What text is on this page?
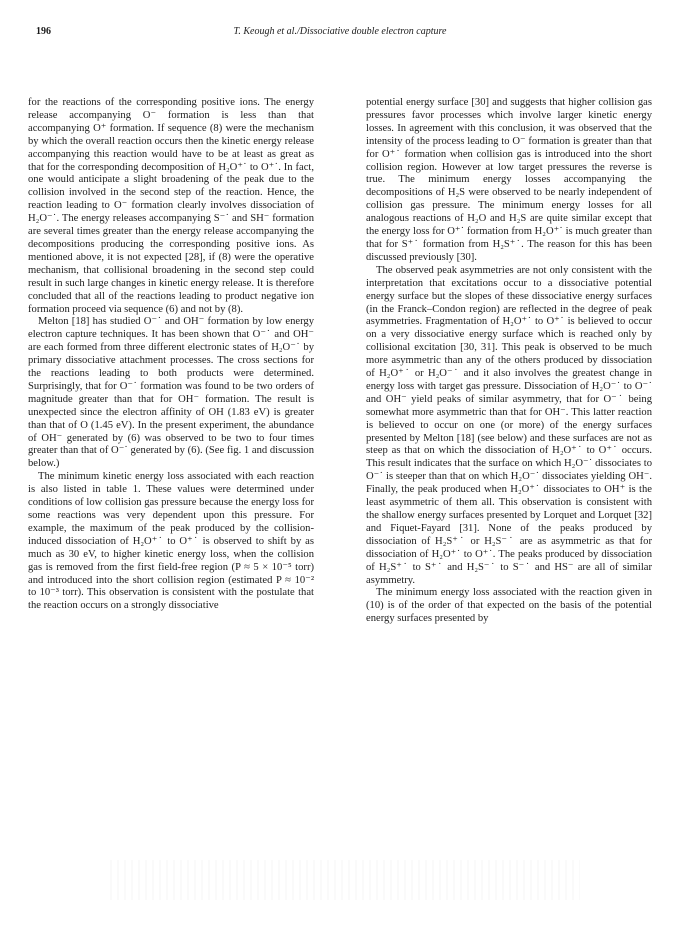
196	T. Keough et al./Dissociative double electron capture

for the reactions of the corresponding positive ions. The energy release accompanying O⁻ formation is less than that accompanying O⁺ formation. If sequence (8) were the mechanism by which the overall reaction occurs then the kinetic energy release accompanying this reaction would have to be at least as great as that for the corresponding decomposition of H₂O⁺˙ to O⁺˙. In fact, one would anticipate a slight broadening of the peak due to the collision involved in the second step of the reaction. Hence, the reaction leading to O⁻ formation clearly involves dissociation of H₂O⁻˙. The energy releases accompanying S⁻˙ and SH⁻ formation are several times greater than the energy release accompanying the decompositions producing the corresponding positive ions. As mentioned above, it is not expected [28], if (8) were the operative mechanism, that collisional broadening in the second step could result in such large changes in kinetic energy release. It is therefore concluded that all of the reactions leading to product negative ion formation proceed via sequence (6) and not by (8).

Melton [18] has studied O⁻˙ and OH⁻ formation by low energy electron capture techniques. It has been shown that O⁻˙ and OH⁻ are each formed from three different electronic states of H₂O⁻˙ by primary dissociative attachment processes. The cross sections for the reactions leading to both products were determined. Surprisingly, that for O⁻˙ formation was found to be two orders of magnitude greater than that for OH⁻ formation. The result is unexpected since the electron affinity of OH (1.83 eV) is greater than that of O (1.45 eV). In the present experiment, the abundance of OH⁻ generated by (6) was observed to be two to four times greater than that of O⁻˙ generated by (6). (See fig. 1 and discussion below.)

The minimum kinetic energy loss associated with each reaction is also listed in table 1. These values were determined under conditions of low collision gas pressure because the energy loss for some reactions was very dependent upon this pressure. For example, the maximum of the peak produced by the collision-induced dissociation of H₂O⁺˙ to O⁺˙ is observed to shift by as much as 30 eV, to higher kinetic energy loss, when the collision gas is removed from the first field-free region (P ≈ 5 × 10⁻⁵ torr) and introduced into the short collision region (estimated P ≈ 10⁻² to 10⁻³ torr). This observation is consistent with the postulate that the reaction occurs on a strongly dissociative

potential energy surface [30] and suggests that higher collision gas pressures favor processes which involve larger kinetic energy losses. In agreement with this conclusion, it was observed that the intensity of the process leading to O⁻ formation is greater than that for O⁺˙ formation when collision gas is introduced into the short collision region. However at low target pressures the reverse is true. The minimum energy losses accompanying the decompositions of H₂S were observed to be nearly independent of collision gas pressure. The minimum energy losses for all analogous reactions of H₂O and H₂S are quite similar except that the energy loss for O⁺˙ formation from H₂O⁺˙ is much greater than that for S⁺˙ formation from H₂S⁺˙. The reason for this has been discussed previously [30].

The observed peak asymmetries are not only consistent with the interpretation that excitations occur to a dissociative potential energy surface but the slopes of these dissociative energy surfaces (in the Franck–Condon region) are reflected in the degree of peak asymmetries. Fragmentation of H₂O⁺˙ to O⁺˙ is believed to occur on a very dissociative energy surface which is reached only by collisional excitation [30, 31]. This peak is observed to be much more asymmetric than any of the others produced by dissociation of H₂O⁺˙ or H₂O⁻˙ and it also involves the greatest change in energy loss with target gas pressure. Dissociation of H₂O⁻˙ to O⁻˙ and OH⁻ yield peaks of similar asymmetry, that for O⁻˙ being somewhat more asymmetric than that for OH⁻. This latter reaction is believed to occur on one (or more) of the energy surfaces presented by Melton [18] (see below) and these surfaces are not as steep as that on which the dissociation of H₂O⁺˙ to O⁺˙ occurs. This result indicates that the surface on which H₂O⁻˙ dissociates to O⁻˙ is steeper than that on which H₂O⁻˙ dissociates yielding OH⁻. Finally, the peak produced when H₂O⁺˙ dissociates to OH⁺ is the least asymmetric of them all. This observation is consistent with the shallow energy surfaces presented by Lorquet and Lorquet [32] and Fiquet-Fayard [31]. None of the peaks produced by dissociation of H₂S⁺˙ or H₂S⁻˙ are as asymmetric as that for dissociation of H₂O⁺˙ to O⁺˙. The peaks produced by dissociation of H₂S⁺˙ to S⁺˙ and H₂S⁻˙ to S⁻˙ and HS⁻ are all of similar asymmetry.

The minimum energy loss associated with the reaction given in (10) is of the order of that expected on the basis of the potential energy surfaces presented by
